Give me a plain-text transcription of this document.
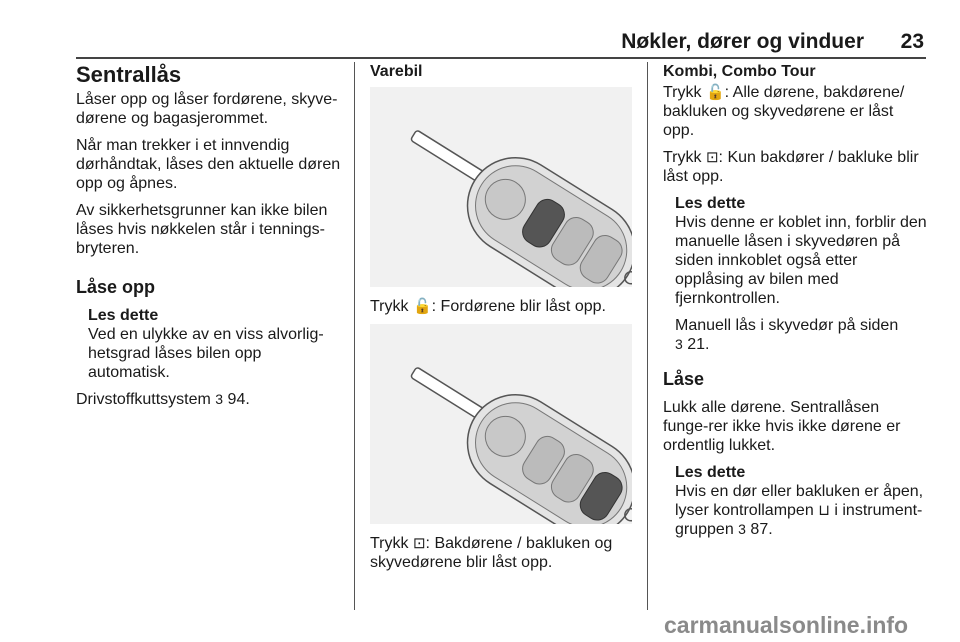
Nøkler, dører og vinduer	23
Sentrallås

Låser opp og låser fordørene, skyve-dørene og bagasjerommet.

Når man trekker i et innvendig dørhåndtak, låses den aktuelle døren opp og åpnes.

Av sikkerhetsgrunner kan ikke bilen låses hvis nøkkelen står i tennings-bryteren.

Låse opp
Les dette
Ved en ulykke av en viss alvorlig-hetsgrad låses bilen opp automatisk.

Drivstoffkuttsystem 3 94.

Varebil

Trykk 🔓: Fordørene blir låst opp.

Trykk ⊡: Bakdørene / bakluken og skyvedørene blir låst opp.

Kombi, Combo Tour

Trykk 🔓: Alle dørene, bakdørene/ bakluken og skyvedørene er låst opp.

Trykk ⊡: Kun bakdører / bakluke blir låst opp.

Les dette
Hvis denne er koblet inn, forblir den manuelle låsen i skyvedøren på siden innkoblet også etter opplåsing av bilen med fjernkontrollen.
Manuell lås i skyvedør på siden
3 21.
Låse

Lukk alle dørene. Sentrallåsen funge-rer ikke hvis ikke dørene er ordentlig lukket.

Les dette
Hvis en dør eller bakluken er åpen, lyser kontrollampen ⊔ i instrument-gruppen 3 87.
carmanualsonline.info
